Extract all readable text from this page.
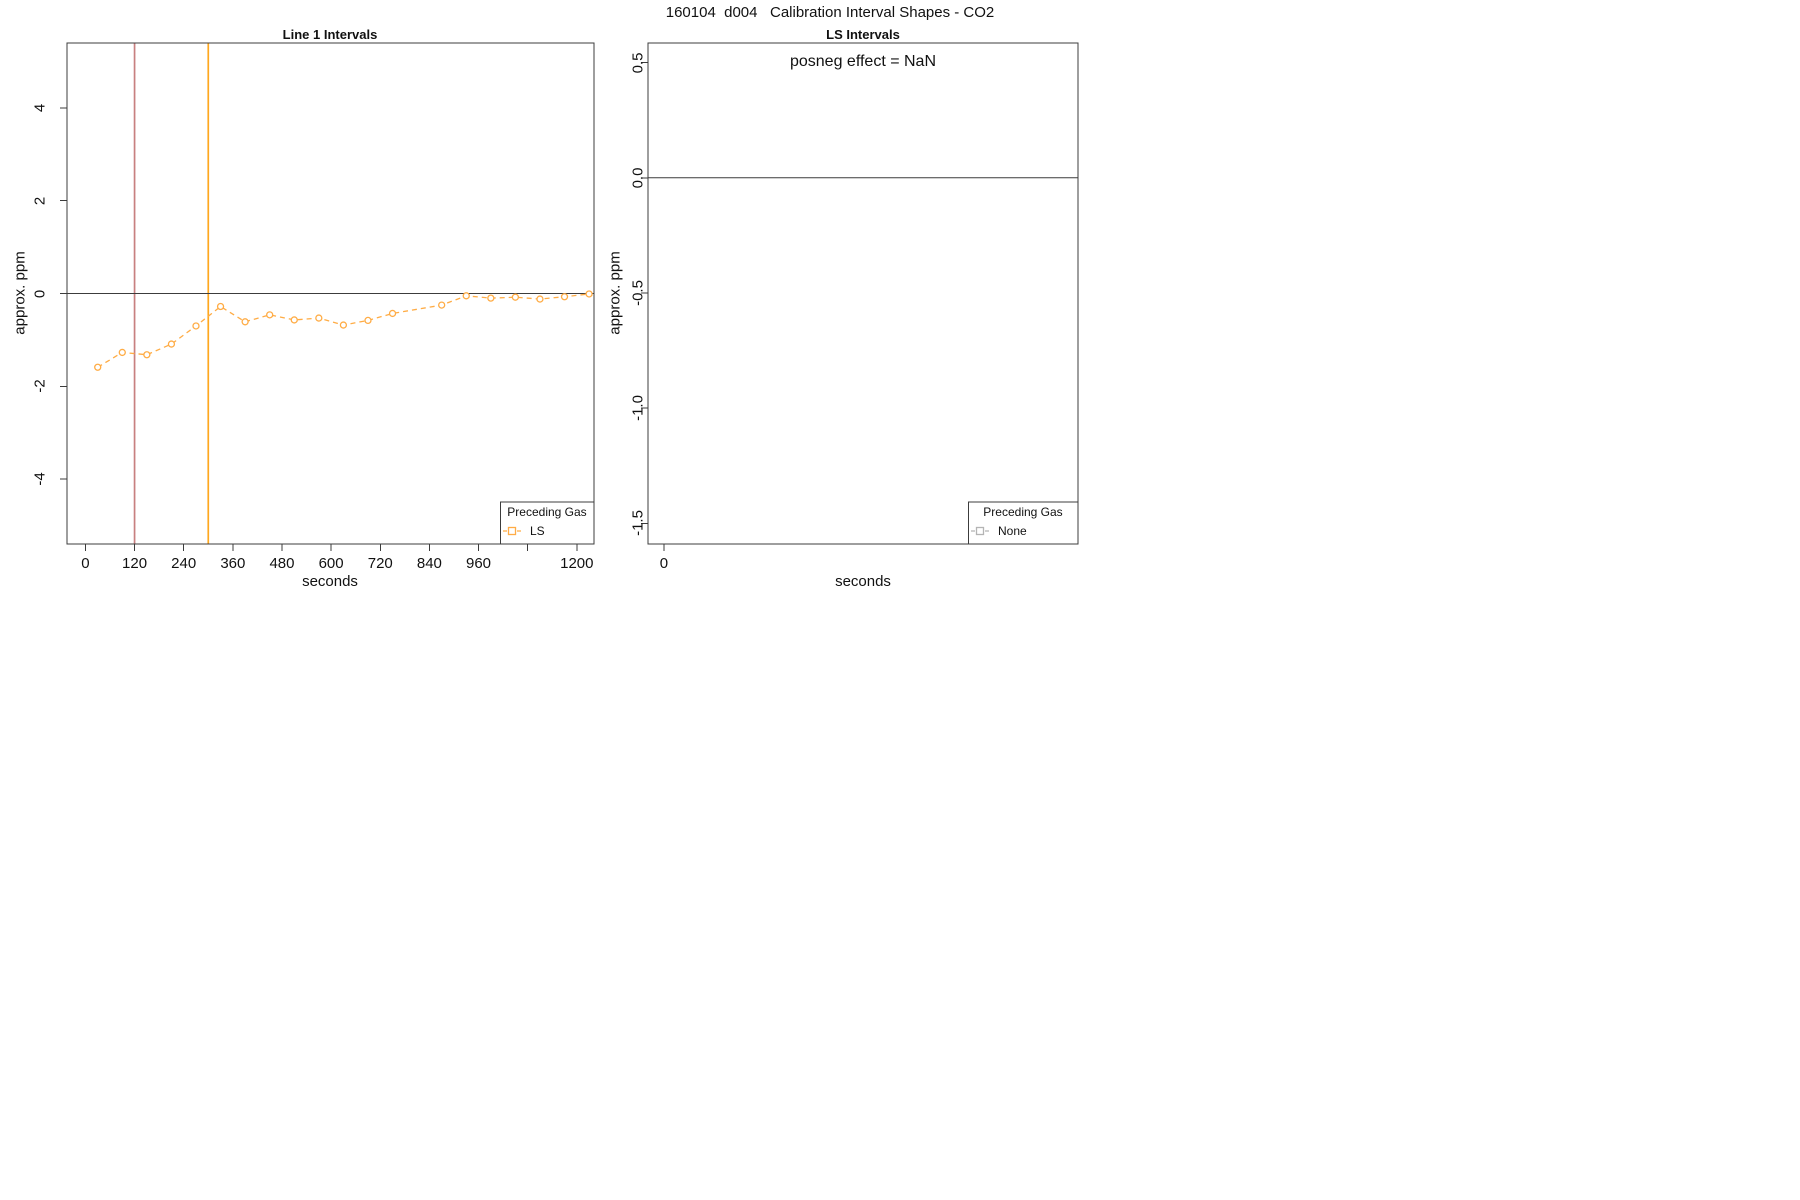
160104  d004   Calibration Interval Shapes - CO2
Line 1 Intervals	LS Intervals
approx. ppm	approx. ppm
seconds	seconds
posneg effect = NaN
Preceding Gas
LS
Preceding Gas
None
0 120 240 360 480 600 720 840 960	1200
4
2
0
-2
-4
0
0.5
0.0
-0.5
-1.0
-1.5
